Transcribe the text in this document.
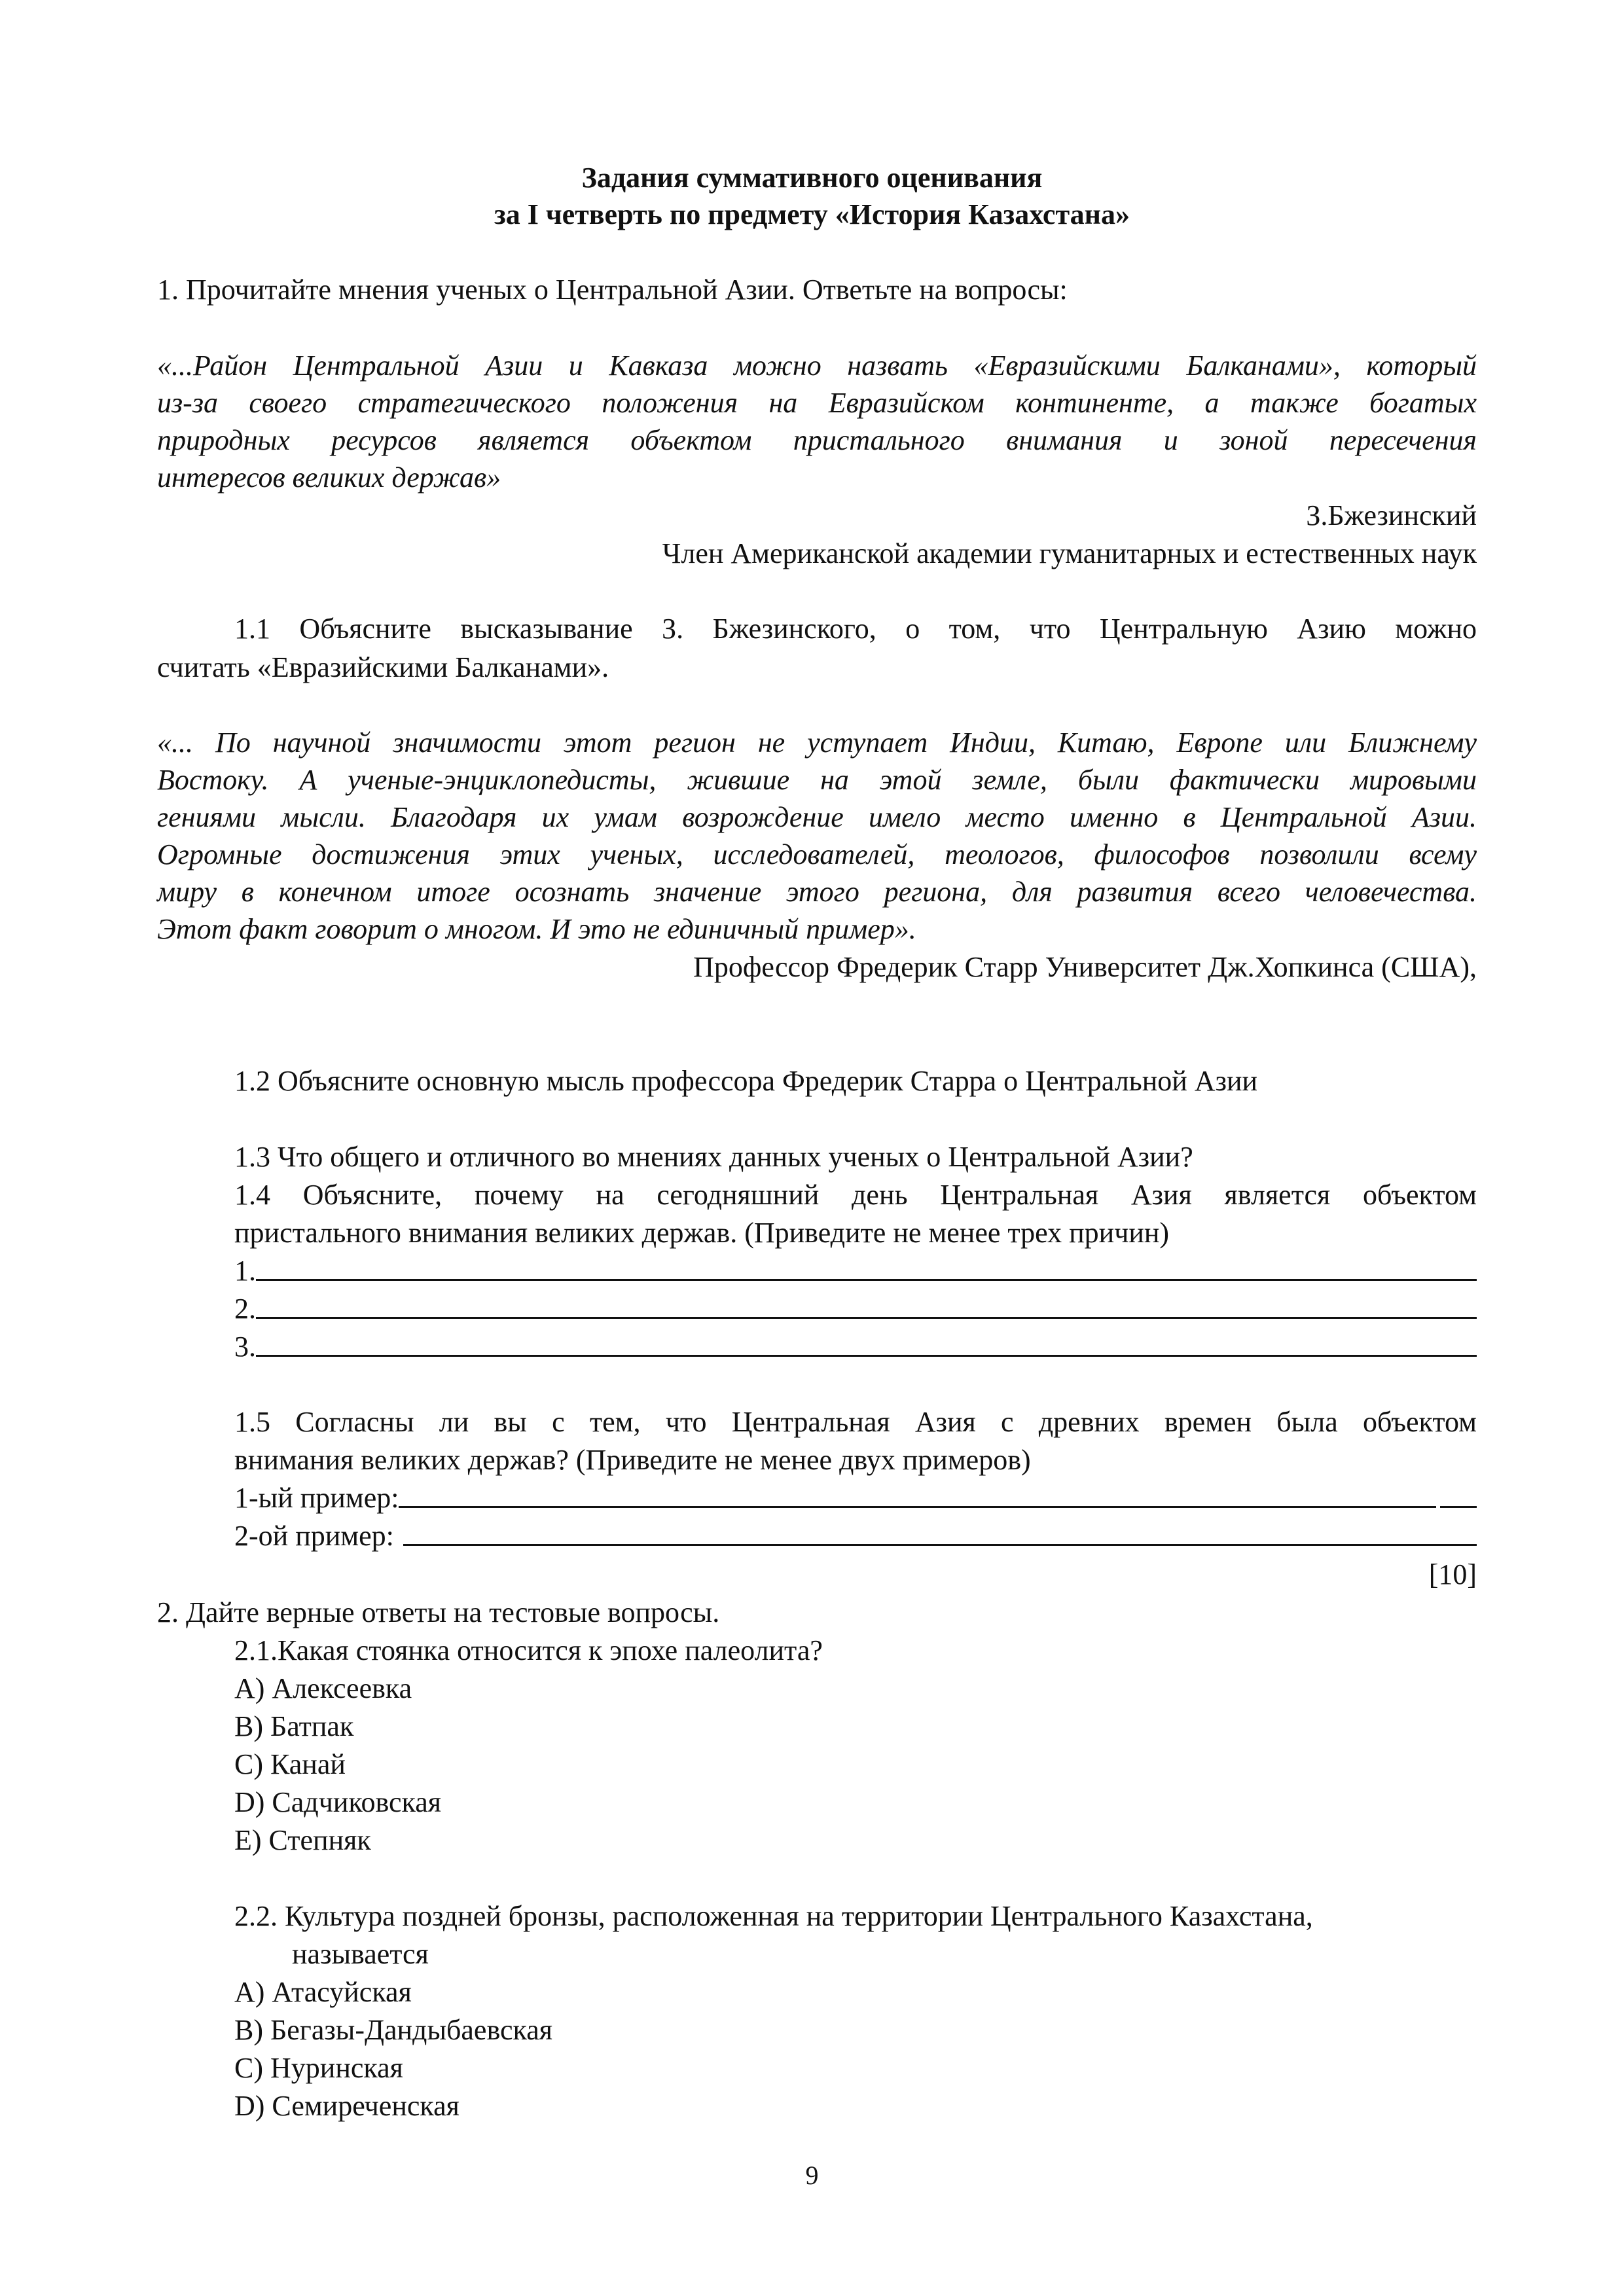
Задания суммативного оценивания
за I четверть по предмету «История Казахстана»
1. Прочитайте мнения ученых о Центральной Азии. Ответьте на вопросы:
«...Район Центральной Азии и Кавказа можно назвать «Евразийскими Балканами», который
из-за своего стратегического положения на Евразийском континенте, а также богатых
природных ресурсов является объектом пристального внимания и зоной пересечения
интересов великих держав»
З.Бжезинский
Член Американской академии гуманитарных и естественных наук
1.1 Объясните высказывание З. Бжезинского, о том, что Центральную Азию можно
считать «Евразийскими Балканами».
«... По научной значимости этот регион не уступает Индии, Китаю, Европе или Ближнему
Востоку. А ученые-энциклопедисты, жившие на этой земле, были фактически мировыми
гениями мысли. Благодаря их умам возрождение имело место именно в Центральной Азии.
Огромные достижения этих ученых, исследователей, теологов, философов позволили всему
миру в конечном итоге осознать значение этого региона, для развития всего человечества.
Этот факт говорит о многом. И это не единичный пример».
Профессор Фредерик Старр Университет Дж.Хопкинса (США),
1.2 Объясните основную мысль профессора Фредерик Старра о Центральной Азии
1.3 Что общего и отличного во мнениях данных ученых о Центральной Азии?
1.4 Объясните, почему на сегодняшний день Центральная Азия является объектом
пристального внимания великих держав. (Приведите не менее трех причин)
1.
2.
3.
1.5 Согласны ли вы с тем, что Центральная Азия с древних времен была объектом
внимания великих держав? (Приведите не менее двух примеров)
1-ый пример:
2-ой пример:
[10]
2. Дайте верные ответы на тестовые вопросы.
2.1.Какая стоянка относится к эпохе палеолита?
A) Алексеевка
B) Батпак
C) Канай
D) Садчиковская
E) Степняк
2.2. Культура поздней бронзы, расположенная на территории Центрального Казахстана,
называется
A) Атасуйская
B) Бегазы-Дандыбаевская
C) Нуринская
D) Семиреченская
9
